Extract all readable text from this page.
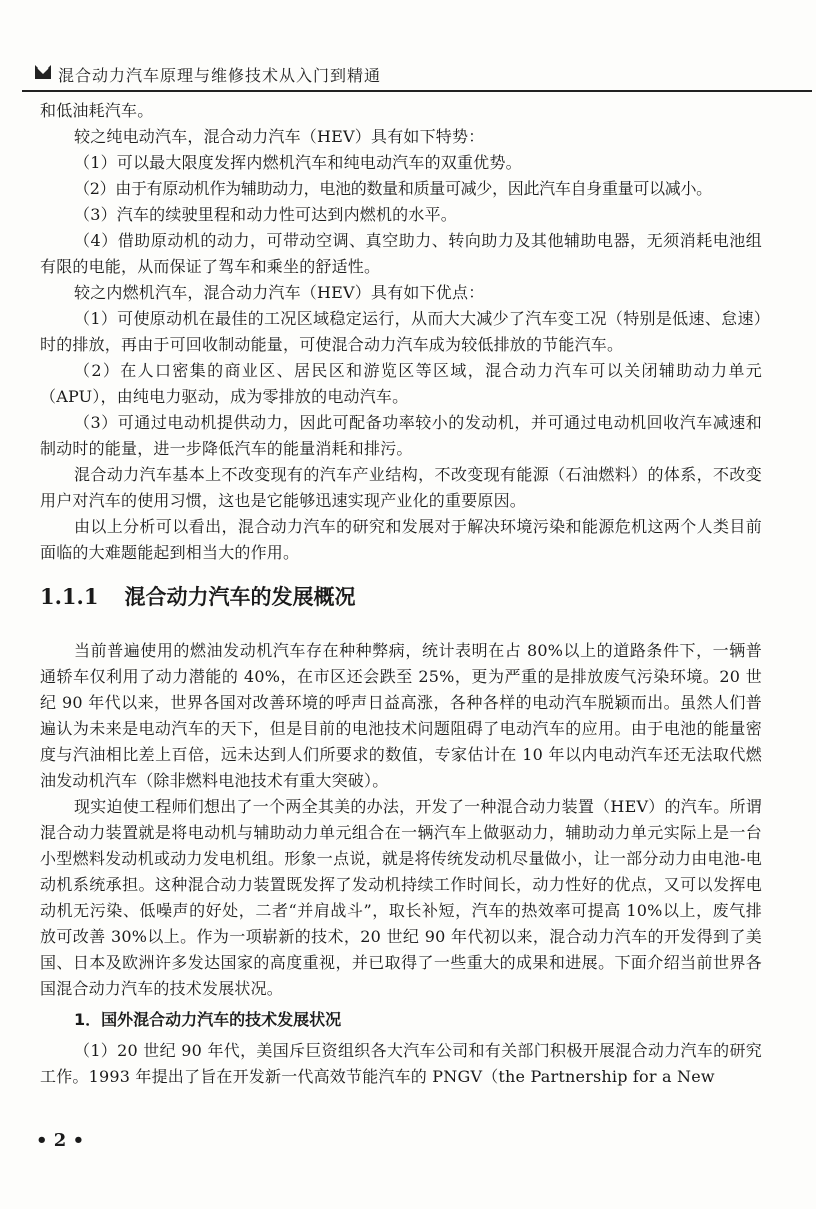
混合动力汽车原理与维修技术从入门到精通

和低油耗汽车。

较之纯电动汽车，混合动力汽车（HEV）具有如下特势：

（1）可以最大限度发挥内燃机汽车和纯电动汽车的双重优势。

（2）由于有原动机作为辅助动力，电池的数量和质量可减少，因此汽车自身重量可以减小。

（3）汽车的续驶里程和动力性可达到内燃机的水平。

（4）借助原动机的动力，可带动空调、真空助力、转向助力及其他辅助电器，无须消耗电池组有限的电能，从而保证了驾车和乘坐的舒适性。

较之内燃机汽车，混合动力汽车（HEV）具有如下优点：

（1）可使原动机在最佳的工况区域稳定运行，从而大大减少了汽车变工况（特别是低速、怠速）时的排放，再由于可回收制动能量，可使混合动力汽车成为较低排放的节能汽车。

（2）在人口密集的商业区、居民区和游览区等区域，混合动力汽车可以关闭辅助动力单元（APU），由纯电力驱动，成为零排放的电动汽车。

（3）可通过电动机提供动力，因此可配备功率较小的发动机，并可通过电动机回收汽车减速和制动时的能量，进一步降低汽车的能量消耗和排污。

混合动力汽车基本上不改变现有的汽车产业结构，不改变现有能源（石油燃料）的体系，不改变用户对汽车的使用习惯，这也是它能够迅速实现产业化的重要原因。

由以上分析可以看出，混合动力汽车的研究和发展对于解决环境污染和能源危机这两个人类目前面临的大难题能起到相当大的作用。

1.1.1 混合动力汽车的发展概况

当前普遍使用的燃油发动机汽车存在种种弊病，统计表明在占 80%以上的道路条件下，一辆普通轿车仅利用了动力潜能的 40%，在市区还会跌至 25%，更为严重的是排放废气污染环境。20 世纪 90 年代以来，世界各国对改善环境的呼声日益高涨，各种各样的电动汽车脱颖而出。虽然人们普遍认为未来是电动汽车的天下，但是目前的电池技术问题阻碍了电动汽车的应用。由于电池的能量密度与汽油相比差上百倍，远未达到人们所要求的数值，专家估计在 10 年以内电动汽车还无法取代燃油发动机汽车（除非燃料电池技术有重大突破）。

现实迫使工程师们想出了一个两全其美的办法，开发了一种混合动力装置（HEV）的汽车。所谓混合动力装置就是将电动机与辅助动力单元组合在一辆汽车上做驱动力，辅助动力单元实际上是一台小型燃料发动机或动力发电机组。形象一点说，就是将传统发动机尽量做小，让一部分动力由电池-电动机系统承担。这种混合动力装置既发挥了发动机持续工作时间长，动力性好的优点，又可以发挥电动机无污染、低噪声的好处，二者“并肩战斗”，取长补短，汽车的热效率可提高 10%以上，废气排放可改善 30%以上。作为一项崭新的技术，20 世纪 90 年代初以来，混合动力汽车的开发得到了美国、日本及欧洲许多发达国家的高度重视，并已取得了一些重大的成果和进展。下面介绍当前世界各国混合动力汽车的技术发展状况。

1．国外混合动力汽车的技术发展状况

（1）20 世纪 90 年代，美国斥巨资组织各大汽车公司和有关部门积极开展混合动力汽车的研究工作。1993 年提出了旨在开发新一代高效节能汽车的 PNGV（the Partnership for a New

• 2 •
